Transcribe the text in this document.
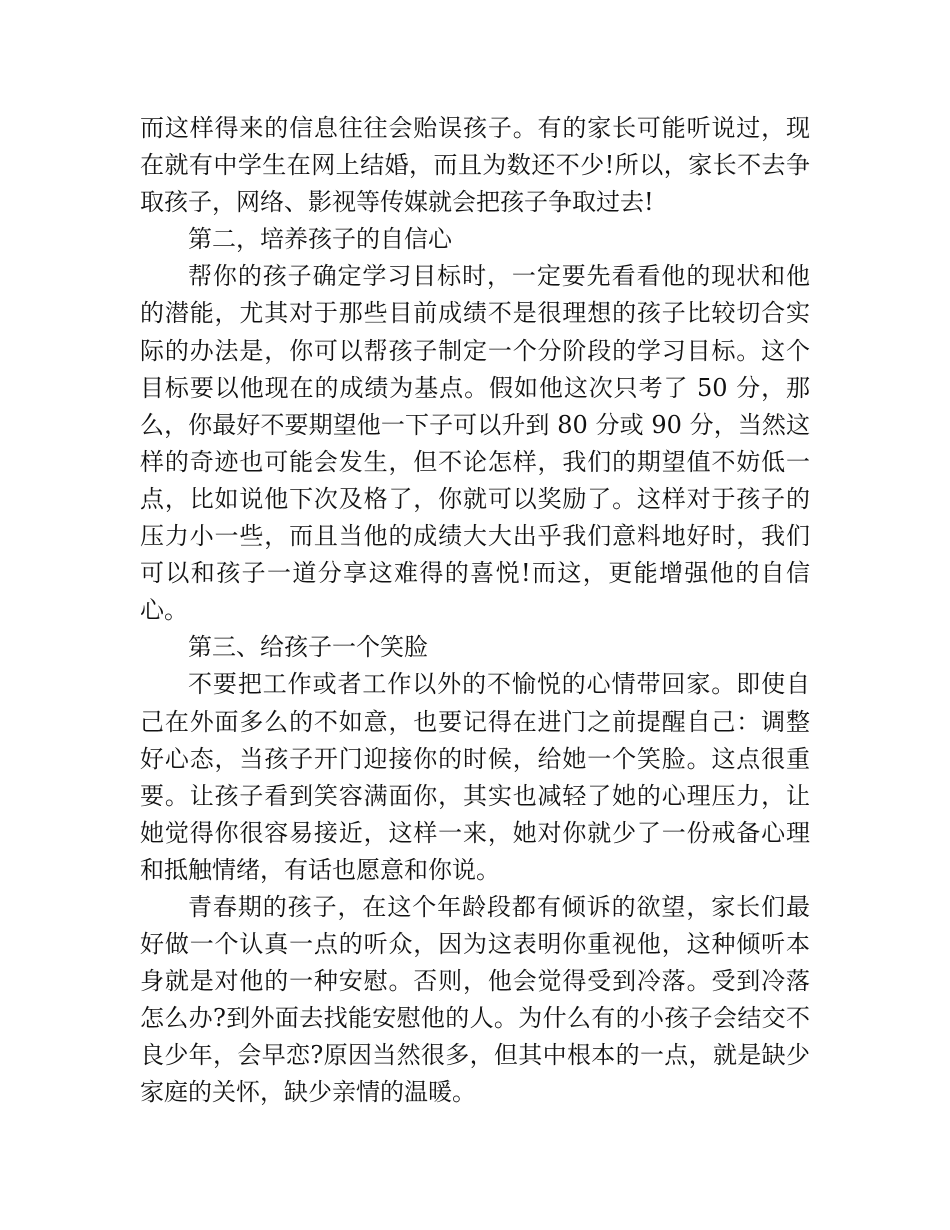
而这样得来的信息往往会贻误孩子。有的家长可能听说过，现在就有中学生在网上结婚，而且为数还不少!所以，家长不去争取孩子，网络、影视等传媒就会把孩子争取过去!

第二，培养孩子的自信心

帮你的孩子确定学习目标时，一定要先看看他的现状和他的潜能，尤其对于那些目前成绩不是很理想的孩子比较切合实际的办法是，你可以帮孩子制定一个分阶段的学习目标。这个目标要以他现在的成绩为基点。假如他这次只考了 50 分，那么，你最好不要期望他一下子可以升到 80 分或 90 分，当然这样的奇迹也可能会发生，但不论怎样，我们的期望值不妨低一点，比如说他下次及格了，你就可以奖励了。这样对于孩子的压力小一些，而且当他的成绩大大出乎我们意料地好时，我们可以和孩子一道分享这难得的喜悦!而这，更能增强他的自信心。

第三、给孩子一个笑脸

不要把工作或者工作以外的不愉悦的心情带回家。即使自己在外面多么的不如意，也要记得在进门之前提醒自己：调整好心态，当孩子开门迎接你的时候，给她一个笑脸。这点很重要。让孩子看到笑容满面你，其实也减轻了她的心理压力，让她觉得你很容易接近，这样一来，她对你就少了一份戒备心理和抵触情绪，有话也愿意和你说。

青春期的孩子，在这个年龄段都有倾诉的欲望，家长们最好做一个认真一点的听众，因为这表明你重视他，这种倾听本身就是对他的一种安慰。否则，他会觉得受到冷落。受到冷落怎么办?到外面去找能安慰他的人。为什么有的小孩子会结交不良少年，会早恋?原因当然很多，但其中根本的一点，就是缺少家庭的关怀，缺少亲情的温暖。
